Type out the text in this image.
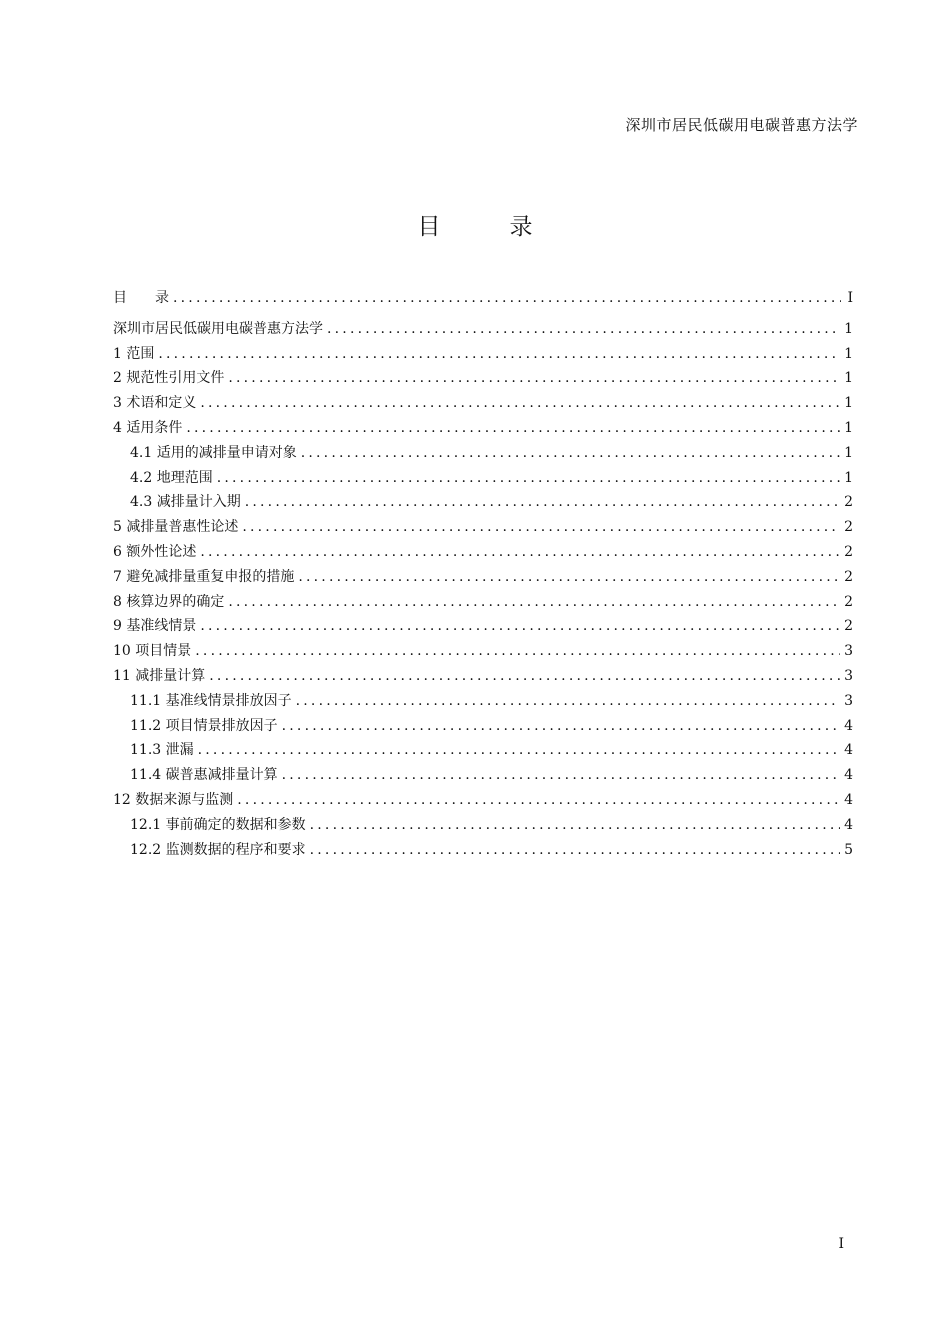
深圳市居民低碳用电碳普惠方法学
目　　　录
目　　录 .....	I
深圳市居民低碳用电碳普惠方法学 .....	1
1 范围 .....	1
2 规范性引用文件 .....	1
3 术语和定义 .....	1
4 适用条件 .....	1
4.1 适用的减排量申请对象 .....	1
4.2 地理范围 .....	1
4.3 减排量计入期 .....	2
5 减排量普惠性论述 .....	2
6 额外性论述 .....	2
7 避免减排量重复申报的措施 .....	2
8 核算边界的确定 .....	2
9 基准线情景 .....	2
10 项目情景 .....	3
11 减排量计算 .....	3
11.1 基准线情景排放因子 .....	3
11.2 项目情景排放因子 .....	4
11.3 泄漏 .....	4
11.4 碳普惠减排量计算 .....	4
12 数据来源与监测 .....	4
12.1 事前确定的数据和参数 .....	4
12.2 监测数据的程序和要求 .....	5
I
